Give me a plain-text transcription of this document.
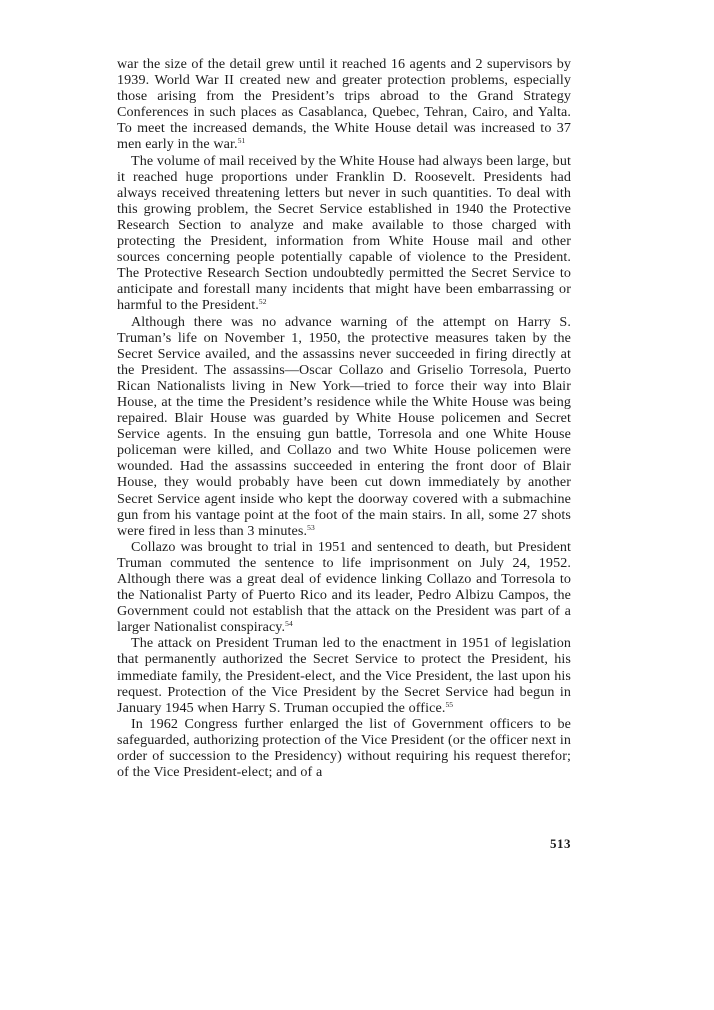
war the size of the detail grew until it reached 16 agents and 2 supervisors by 1939. World War II created new and greater protection problems, especially those arising from the President’s trips abroad to the Grand Strategy Conferences in such places as Casablanca, Quebec, Tehran, Cairo, and Yalta. To meet the increased demands, the White House detail was increased to 37 men early in the war.$^{51}$

The volume of mail received by the White House had always been large, but it reached huge proportions under Franklin D. Roosevelt. Presidents had always received threatening letters but never in such quantities. To deal with this growing problem, the Secret Service established in 1940 the Protective Research Section to analyze and make available to those charged with protecting the President, information from White House mail and other sources concerning people potentially capable of violence to the President. The Protective Research Section undoubtedly permitted the Secret Service to anticipate and forestall many incidents that might have been embarrassing or harmful to the President.$^{52}$

Although there was no advance warning of the attempt on Harry S. Truman’s life on November 1, 1950, the protective measures taken by the Secret Service availed, and the assassins never succeeded in firing directly at the President. The assassins—Oscar Collazo and Griselio Torresola, Puerto Rican Nationalists living in New York—tried to force their way into Blair House, at the time the President’s residence while the White House was being repaired. Blair House was guarded by White House policemen and Secret Service agents. In the ensuing gun battle, Torresola and one White House policeman were killed, and Collazo and two White House policemen were wounded. Had the assassins succeeded in entering the front door of Blair House, they would probably have been cut down immediately by another Secret Service agent inside who kept the doorway covered with a submachine gun from his vantage point at the foot of the main stairs. In all, some 27 shots were fired in less than 3 minutes.$^{53}$

Collazo was brought to trial in 1951 and sentenced to death, but President Truman commuted the sentence to life imprisonment on July 24, 1952. Although there was a great deal of evidence linking Collazo and Torresola to the Nationalist Party of Puerto Rico and its leader, Pedro Albizu Campos, the Government could not establish that the attack on the President was part of a larger Nationalist conspiracy.$^{54}$

The attack on President Truman led to the enactment in 1951 of legislation that permanently authorized the Secret Service to protect the President, his immediate family, the President-elect, and the Vice President, the last upon his request. Protection of the Vice President by the Secret Service had begun in January 1945 when Harry S. Truman occupied the office.$^{55}$

In 1962 Congress further enlarged the list of Government officers to be safeguarded, authorizing protection of the Vice President (or the officer next in order of succession to the Presidency) without requiring his request therefor; of the Vice President-elect; and of a

513
